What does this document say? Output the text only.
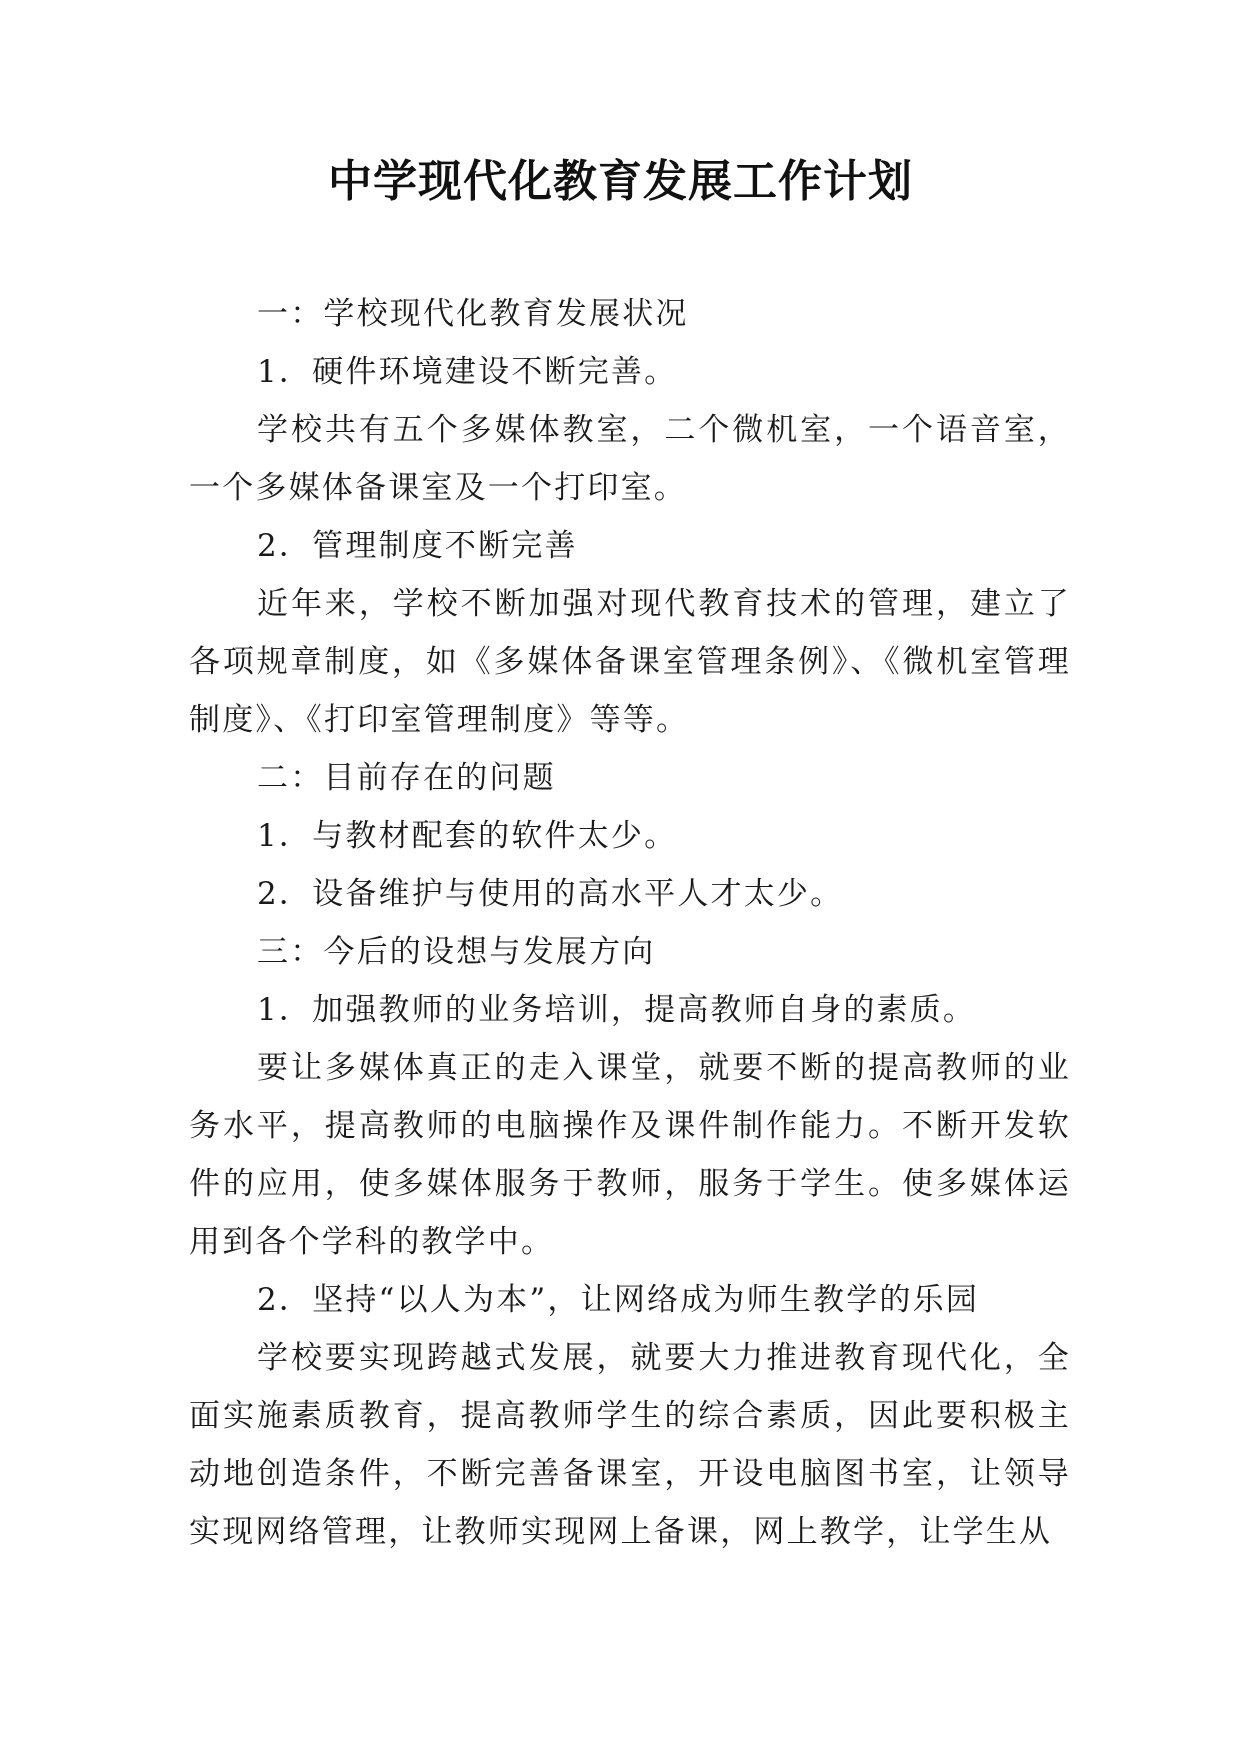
中学现代化教育发展工作计划

一：学校现代化教育发展状况

1．硬件环境建设不断完善。

学校共有五个多媒体教室，二个微机室，一个语音室，一个多媒体备课室及一个打印室。

2．管理制度不断完善

近年来，学校不断加强对现代教育技术的管理，建立了各项规章制度，如《多媒体备课室管理条例》、《微机室管理制度》、《打印室管理制度》等等。

二：目前存在的问题

1．与教材配套的软件太少。

2．设备维护与使用的高水平人才太少。

三：今后的设想与发展方向

1．加强教师的业务培训，提高教师自身的素质。

要让多媒体真正的走入课堂，就要不断的提高教师的业务水平，提高教师的电脑操作及课件制作能力。不断开发软件的应用，使多媒体服务于教师，服务于学生。使多媒体运用到各个学科的教学中。

2．坚持“以人为本”，让网络成为师生教学的乐园

学校要实现跨越式发展，就要大力推进教育现代化，全面实施素质教育，提高教师学生的综合素质，因此要积极主动地创造条件，不断完善备课室，开设电脑图书室，让领导实现网络管理，让教师实现网上备课，网上教学，让学生从
